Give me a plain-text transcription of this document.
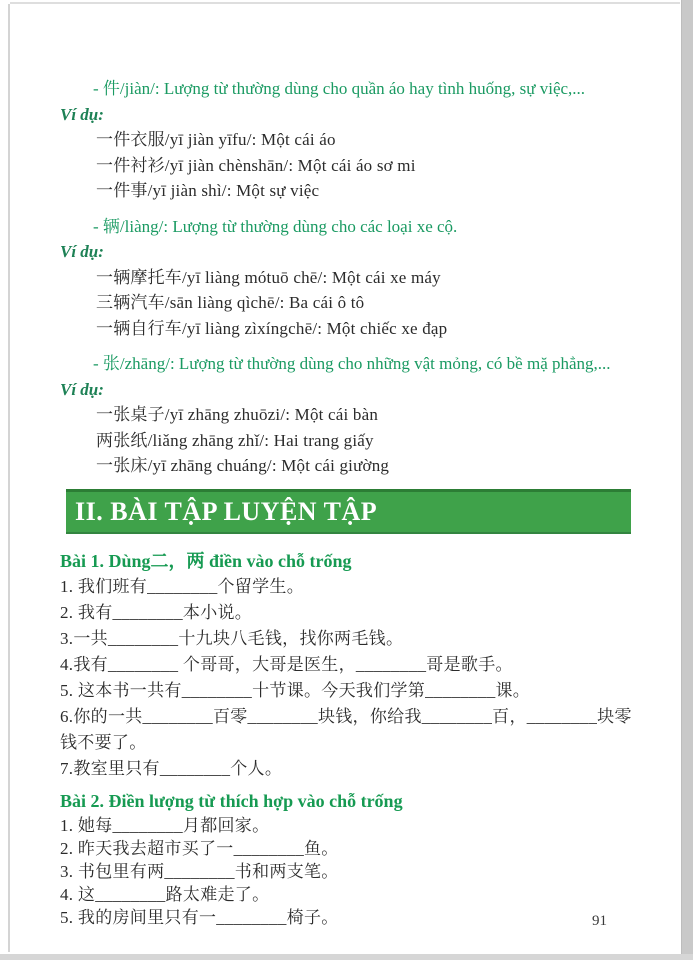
- 件/jiàn/: Lượng từ thường dùng cho quần áo hay tình huống, sự việc,...

Ví dụ:

一件衣服/yī jiàn yīfu/: Một cái áo

一件衬衫/yī jiàn chènshān/: Một cái áo sơ mi

一件事/yī jiàn shì/: Một sự việc

- 辆/liàng/: Lượng từ thường dùng cho các loại xe cộ.

Ví dụ:

一辆摩托车/yī liàng mótuō chē/: Một cái xe máy

三辆汽车/sān liàng qìchē/: Ba cái ô tô

一辆自行车/yī liàng zìxíngchē/: Một chiếc xe đạp

- 张/zhāng/: Lượng từ thường dùng cho những vật mỏng, có bề mặ phẳng,...

Ví dụ:

一张桌子/yī zhāng zhuōzi/: Một cái bàn

两张纸/liǎng zhāng zhǐ/: Hai trang giấy

一张床/yī zhāng chuáng/: Một cái giường

II. BÀI TẬP LUYỆN TẬP

Bài 1. Dùng二，两 điền vào chỗ trống

1. 我们班有________个留学生。

2. 我有________本小说。

3.一共________十九块八毛钱，找你两毛钱。

4.我有________ 个哥哥，大哥是医生，________哥是歌手。

5. 这本书一共有________十节课。今天我们学第________课。

6.你的一共________百零________块钱，你给我________百，________块零钱不要了。

7.教室里只有________个人。

Bài 2. Điền lượng từ thích hợp vào chỗ trống

1. 她每________月都回家。

2. 昨天我去超市买了一________鱼。

3. 书包里有两________书和两支笔。

4. 这________路太难走了。

5. 我的房间里只有一________椅子。	91
